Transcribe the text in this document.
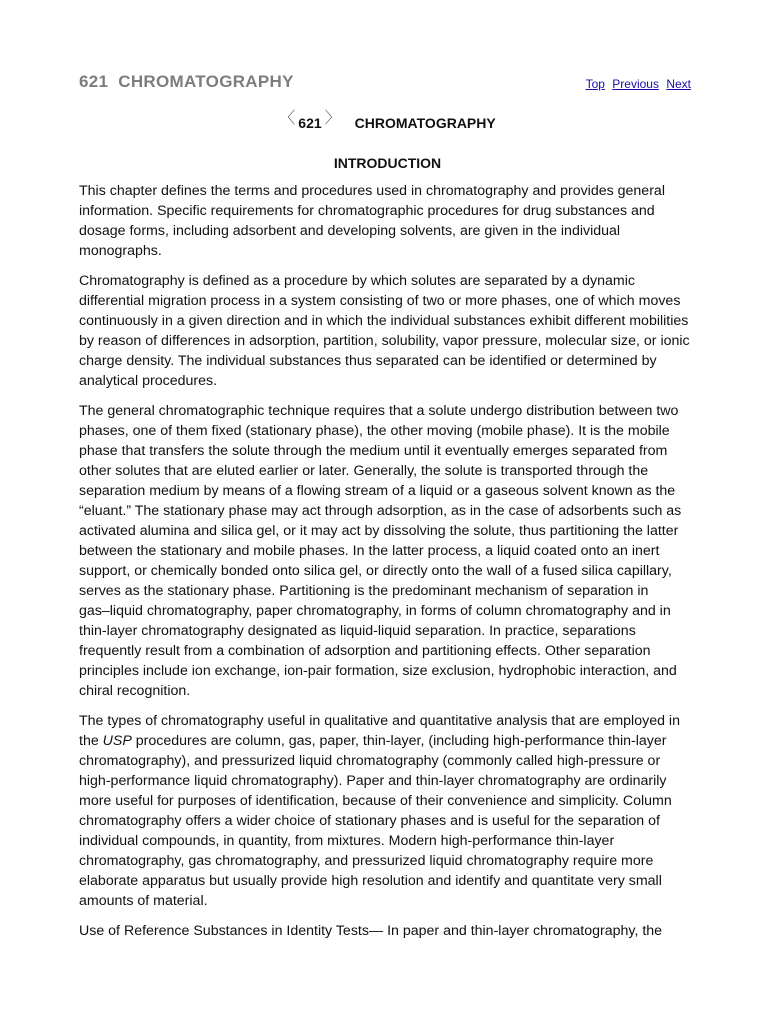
621 CHROMATOGRAPHY	Top Previous Next
〈 621 〉 CHROMATOGRAPHY
INTRODUCTION

This chapter defines the terms and procedures used in chromatography and provides general
information. Specific requirements for chromatographic procedures for drug substances and
dosage forms, including adsorbent and developing solvents, are given in the individual
monographs.

Chromatography is defined as a procedure by which solutes are separated by a dynamic
differential migration process in a system consisting of two or more phases, one of which moves
continuously in a given direction and in which the individual substances exhibit different mobilities
by reason of differences in adsorption, partition, solubility, vapor pressure, molecular size, or ionic
charge density. The individual substances thus separated can be identified or determined by
analytical procedures.

The general chromatographic technique requires that a solute undergo distribution between two
phases, one of them fixed (stationary phase), the other moving (mobile phase). It is the mobile
phase that transfers the solute through the medium until it eventually emerges separated from
other solutes that are eluted earlier or later. Generally, the solute is transported through the
separation medium by means of a flowing stream of a liquid or a gaseous solvent known as the
“eluant.” The stationary phase may act through adsorption, as in the case of adsorbents such as
activated alumina and silica gel, or it may act by dissolving the solute, thus partitioning the latter
between the stationary and mobile phases. In the latter process, a liquid coated onto an inert
support, or chemically bonded onto silica gel, or directly onto the wall of a fused silica capillary,
serves as the stationary phase. Partitioning is the predominant mechanism of separation in
gas–liquid chromatography, paper chromatography, in forms of column chromatography and in
thin-layer chromatography designated as liquid-liquid separation. In practice, separations
frequently result from a combination of adsorption and partitioning effects. Other separation
principles include ion exchange, ion-pair formation, size exclusion, hydrophobic interaction, and
chiral recognition.

The types of chromatography useful in qualitative and quantitative analysis that are employed in
the USP procedures are column, gas, paper, thin-layer, (including high-performance thin-layer
chromatography), and pressurized liquid chromatography (commonly called high-pressure or
high-performance liquid chromatography). Paper and thin-layer chromatography are ordinarily
more useful for purposes of identification, because of their convenience and simplicity. Column
chromatography offers a wider choice of stationary phases and is useful for the separation of
individual compounds, in quantity, from mixtures. Modern high-performance thin-layer
chromatography, gas chromatography, and pressurized liquid chromatography require more
elaborate apparatus but usually provide high resolution and identify and quantitate very small
amounts of material.

Use of Reference Substances in Identity Tests— In paper and thin-layer chromatography, the
